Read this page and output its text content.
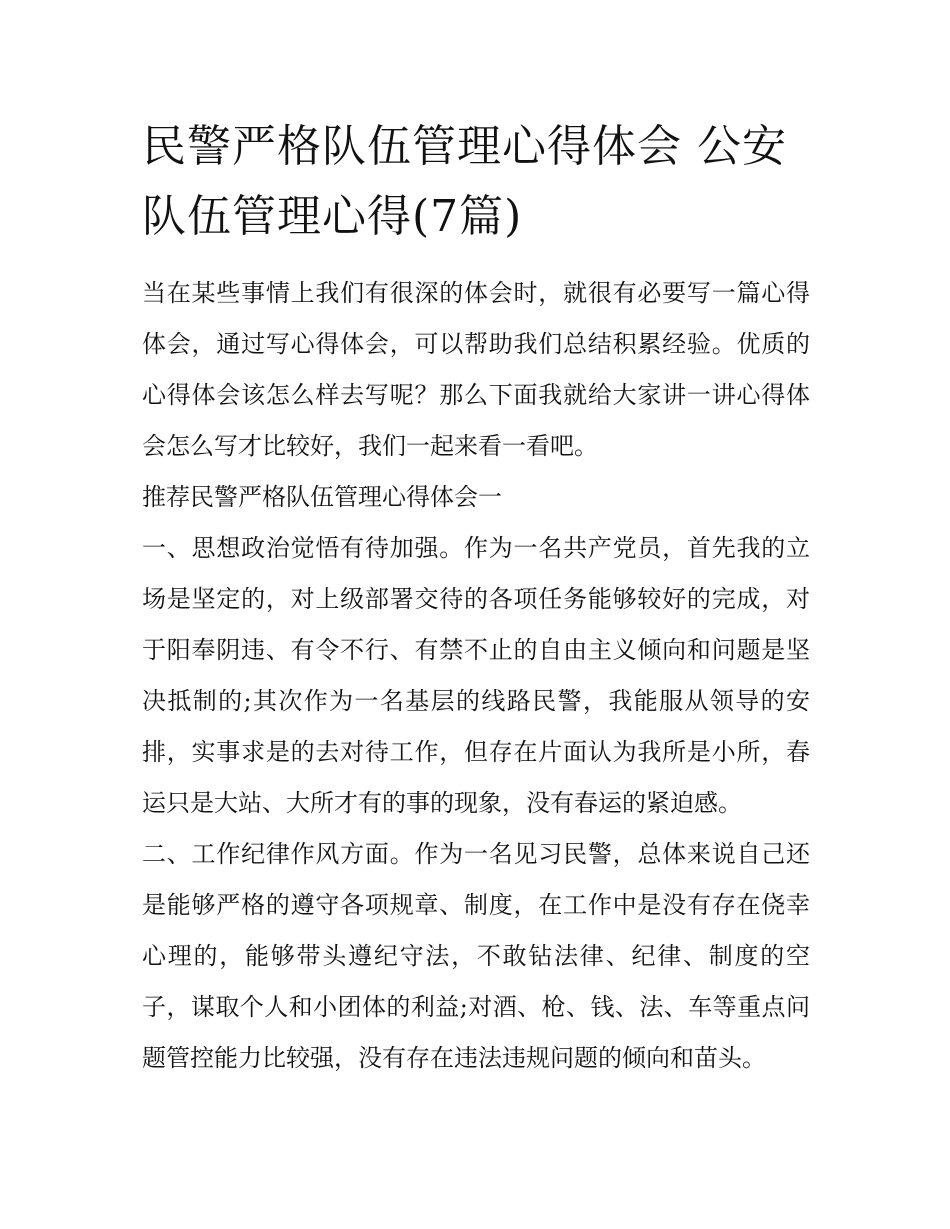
民警严格队伍管理心得体会 公安队伍管理心得(7篇)

当在某些事情上我们有很深的体会时，就很有必要写一篇心得体会，通过写心得体会，可以帮助我们总结积累经验。优质的心得体会该怎么样去写呢？那么下面我就给大家讲一讲心得体会怎么写才比较好，我们一起来看一看吧。

推荐民警严格队伍管理心得体会一

一、思想政治觉悟有待加强。作为一名共产党员，首先我的立场是坚定的，对上级部署交待的各项任务能够较好的完成，对于阳奉阴违、有令不行、有禁不止的自由主义倾向和问题是坚决抵制的;其次作为一名基层的线路民警，我能服从领导的安排，实事求是的去对待工作，但存在片面认为我所是小所，春运只是大站、大所才有的事的现象，没有春运的紧迫感。

二、工作纪律作风方面。作为一名见习民警，总体来说自己还是能够严格的遵守各项规章、制度，在工作中是没有存在侥幸心理的，能够带头遵纪守法，不敢钻法律、纪律、制度的空子，谋取个人和小团体的利益;对酒、枪、钱、法、车等重点问题管控能力比较强，没有存在违法违规问题的倾向和苗头。
